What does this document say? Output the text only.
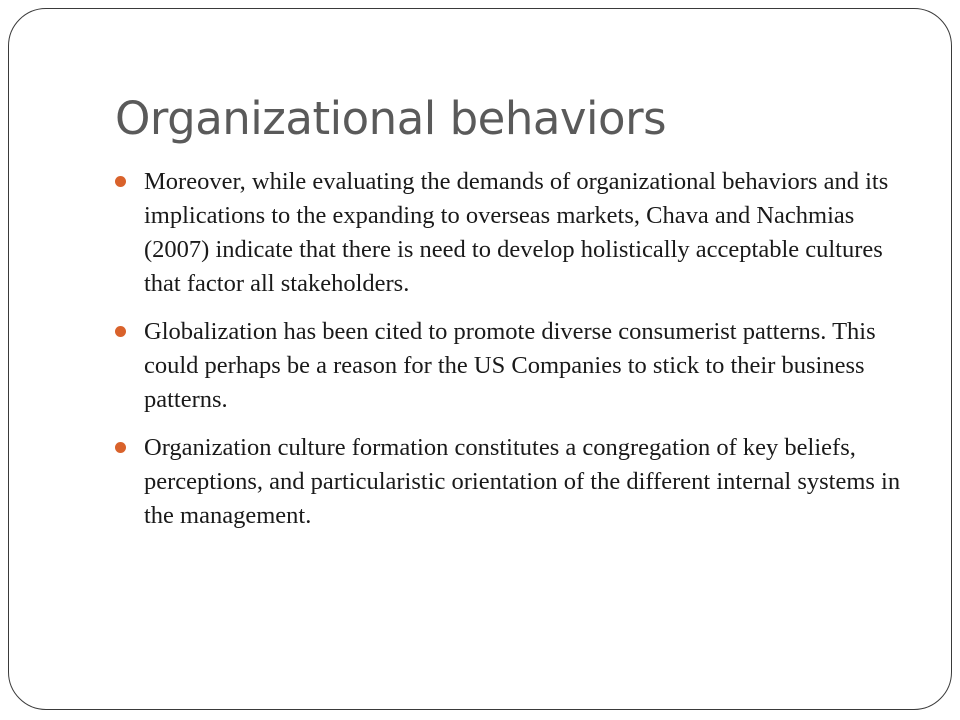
Organizational behaviors
Moreover, while evaluating the demands of organizational behaviors and its implications to the expanding to overseas markets, Chava and Nachmias (2007) indicate that there is need to develop holistically acceptable cultures that factor all stakeholders.
Globalization has been cited to promote diverse consumerist patterns. This could perhaps be a reason for the US Companies to stick to their business patterns.
Organization culture formation constitutes a congregation of key beliefs, perceptions, and particularistic orientation of the different internal systems in the management.
